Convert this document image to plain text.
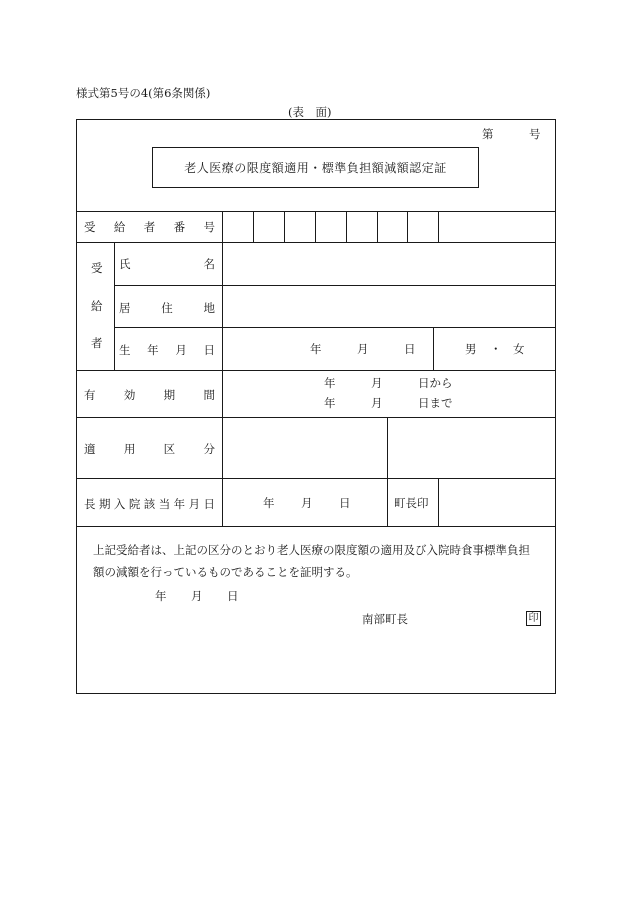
様式第5号の4(第6条関係)
(表　面)
第	号
老人医療の限度額適用・標準負担額減額認定証
受 給 者 番 号
受
給
者
氏	名
居	住	地
生 年 月 日	年	月	日	男 ・ 女
有 効 期 間
年	月	日から
年	月	日まで
適 用 区 分
長 期 入 院 該 当 年 月 日	年 月 日	町長印
上記受給者は、上記の区分のとおり老人医療の限度額の適用及び入院時食事標準負担
額の減額を行っているものであることを証明する。
年 月 日
南部町長	印
